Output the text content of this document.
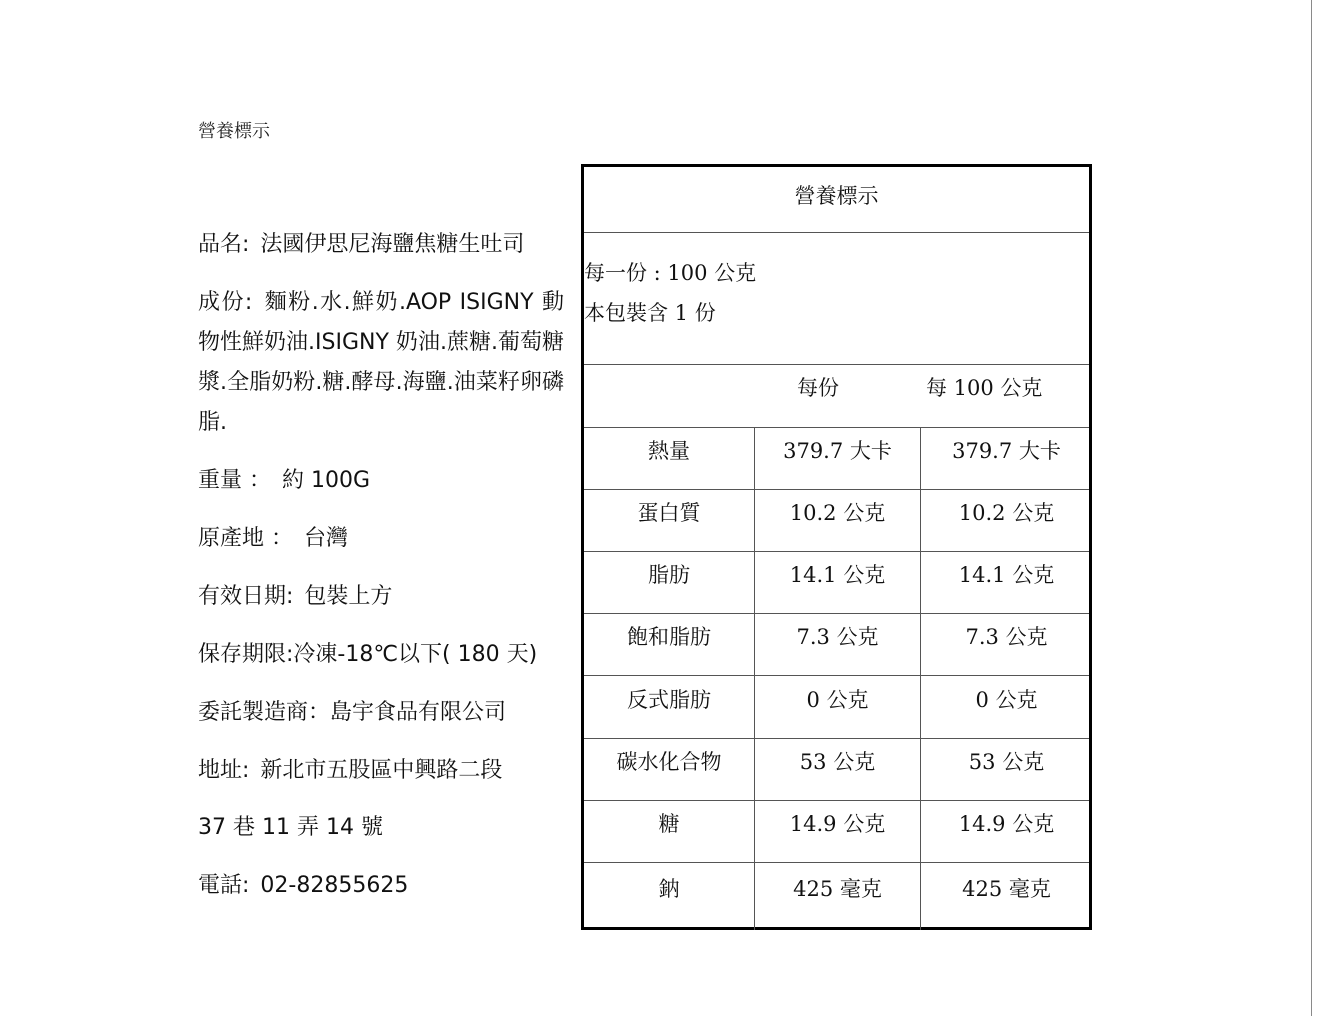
營養標示
品名: 法國伊思尼海鹽焦糖生吐司
成份: 麵粉.水.鮮奶.AOP ISIGNY 動物性鮮奶油.ISIGNY 奶油.蔗糖.葡萄糖漿.全脂奶粉.糖.酵母.海鹽.油菜籽卵磷脂.
重量 ： 約 100G
原產地 ： 台灣
有效日期: 包裝上方
保存期限:冷凍-18℃以下( 180 天)
委託製造商：島宇食品有限公司
地址: 新北市五股區中興路二段
37 巷 11 弄 14 號
電話: 02-82855625
營養標示
每一份 : 100 公克
本包裝含 1 份
每份	每 100 公克
熱量	379.7 大卡	379.7 大卡
蛋白質	10.2 公克	10.2 公克
脂肪	14.1 公克	14.1 公克
飽和脂肪	7.3 公克	7.3 公克
反式脂肪	0 公克	0 公克
碳水化合物	53 公克	53 公克
糖	14.9 公克	14.9 公克
鈉	425 毫克	425 毫克
